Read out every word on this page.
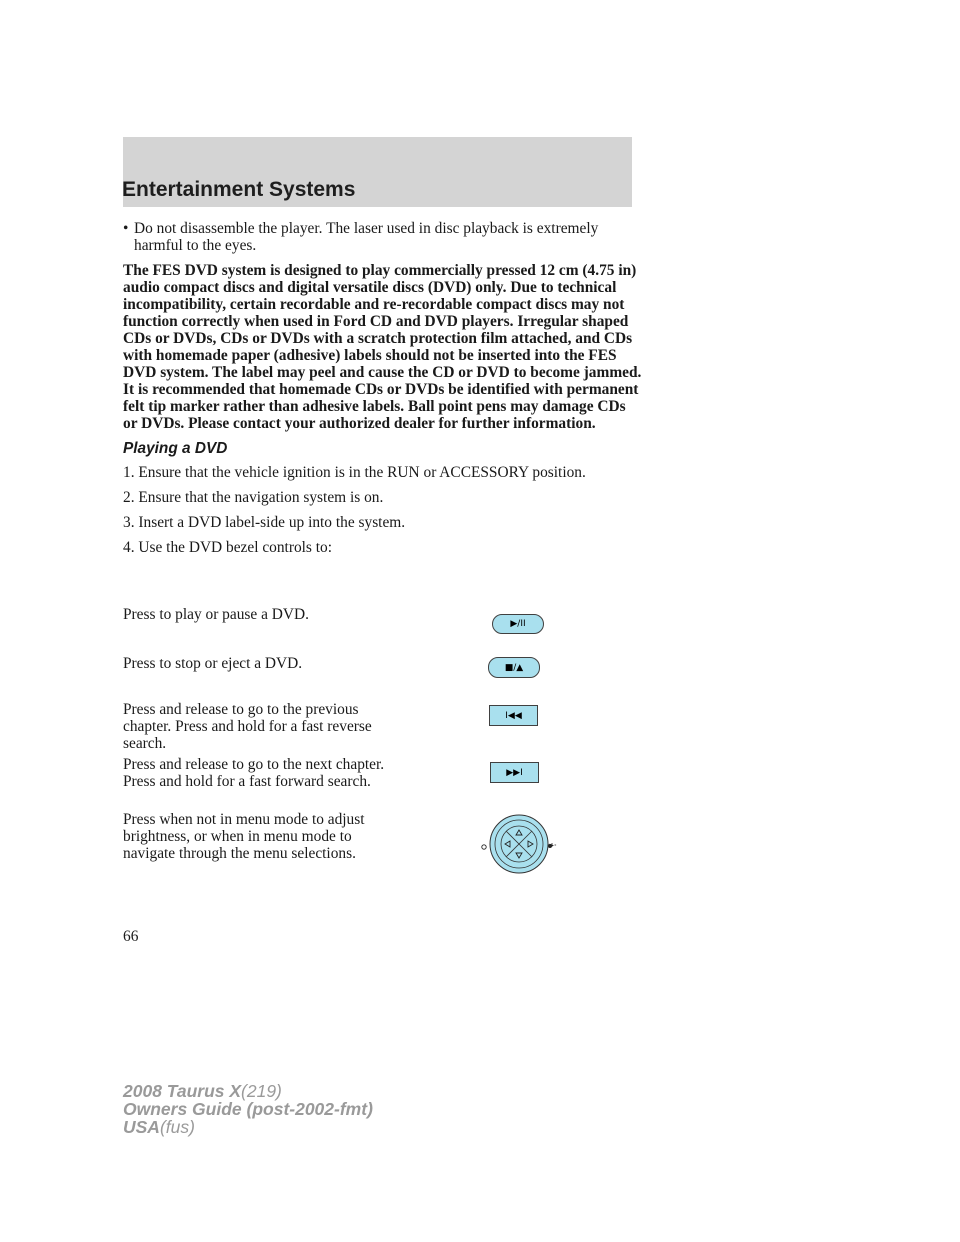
Entertainment Systems
• Do not disassemble the player. The laser used in disc playback is extremely harmful to the eyes.

The FES DVD system is designed to play commercially pressed 12 cm (4.75 in) audio compact discs and digital versatile discs (DVD) only. Due to technical incompatibility, certain recordable and re-recordable compact discs may not function correctly when used in Ford CD and DVD players. Irregular shaped CDs or DVDs, CDs or DVDs with a scratch protection film attached, and CDs with homemade paper (adhesive) labels should not be inserted into the FES DVD system. The label may peel and cause the CD or DVD to become jammed. It is recommended that homemade CDs or DVDs be identified with permanent felt tip marker rather than adhesive labels. Ball point pens may damage CDs or DVDs. Please contact your authorized dealer for further information.

Playing a DVD

1. Ensure that the vehicle ignition is in the RUN or ACCESSORY position.

2. Ensure that the navigation system is on.

3. Insert a DVD label-side up into the system.

4. Use the DVD bezel controls to:

Press to play or pause a DVD.
▶/II
Press to stop or eject a DVD.	■/▲
Press and release to go to the previous chapter. Press and hold for a fast reverse search.
I◀◀
Press and release to go to the next chapter. Press and hold for a fast forward search.
▶▶I
Press when not in menu mode to adjust brightness, or when in menu mode to navigate through the menu selections.
66
2008 Taurus X(219)
Owners Guide (post-2002-fmt)
USA(fus)
